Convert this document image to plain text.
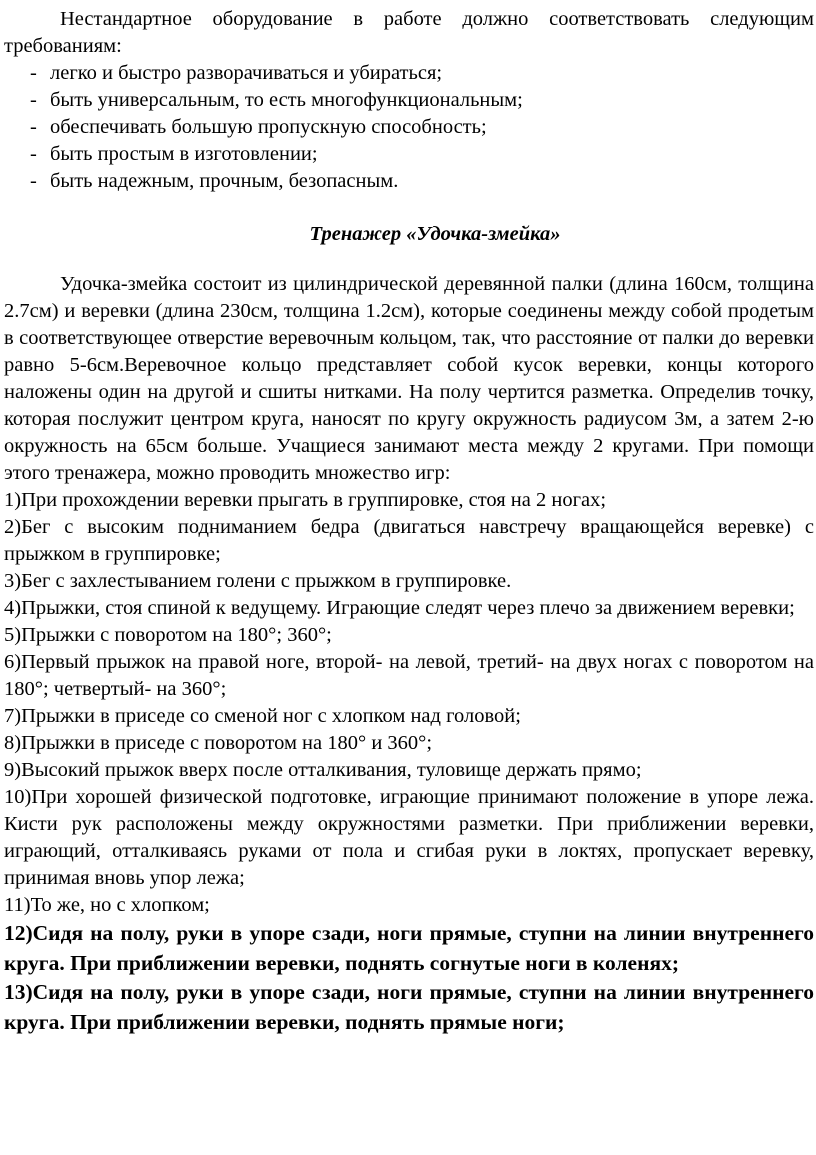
Нестандартное оборудование в работе должно соответствовать следующим требованиям:

- легко и быстро разворачиваться и убираться;
- быть универсальным, то есть многофункциональным;
- обеспечивать большую пропускную способность;
- быть простым в изготовлении;
- быть надежным, прочным, безопасным.

Тренажер «Удочка-змейка»

Удочка-змейка состоит из цилиндрической деревянной палки (длина 160см, толщина 2.7см) и веревки (длина 230см, толщина 1.2см), которые соединены между собой продетым в соответствующее отверстие веревочным кольцом, так, что расстояние от палки до веревки равно 5-6см.Веревочное кольцо представляет собой кусок веревки, концы которого наложены один на другой и сшиты нитками. На полу чертится разметка. Определив точку, которая послужит центром круга, наносят по кругу окружность радиусом 3м, а затем 2-ю окружность на 65см больше. Учащиеся занимают места между 2 кругами. При помощи этого тренажера, можно проводить множество игр:

1)При прохождении веревки прыгать в группировке, стоя на 2 ногах;
2)Бег с высоким подниманием бедра (двигаться навстречу вращающейся веревке) с прыжком в группировке;
3)Бег с захлестыванием голени с прыжком в группировке.
4)Прыжки, стоя спиной к ведущему. Играющие следят через плечо за движением веревки;
5)Прыжки с поворотом на 180°; 360°;
6)Первый прыжок на правой ноге, второй- на левой, третий- на двух ногах с поворотом на 180°; четвертый- на 360°;
7)Прыжки в приседе со сменой ног с хлопком над головой;
8)Прыжки в приседе с поворотом на 180° и 360°;
9)Высокий прыжок вверх после отталкивания, туловище держать прямо;
10)При хорошей физической подготовке, играющие принимают положение в упоре лежа. Кисти рук расположены между окружностями разметки. При приближении веревки, играющий, отталкиваясь руками от пола и сгибая руки в локтях, пропускает веревку, принимая вновь упор лежа;
11)То же, но с хлопком;
12)Сидя на полу, руки в упоре сзади, ноги прямые, ступни на линии внутреннего круга. При приближении веревки, поднять согнутые ноги в коленях;
13)Сидя на полу, руки в упоре сзади, ноги прямые, ступни на линии внутреннего круга. При приближении веревки, поднять прямые ноги;
